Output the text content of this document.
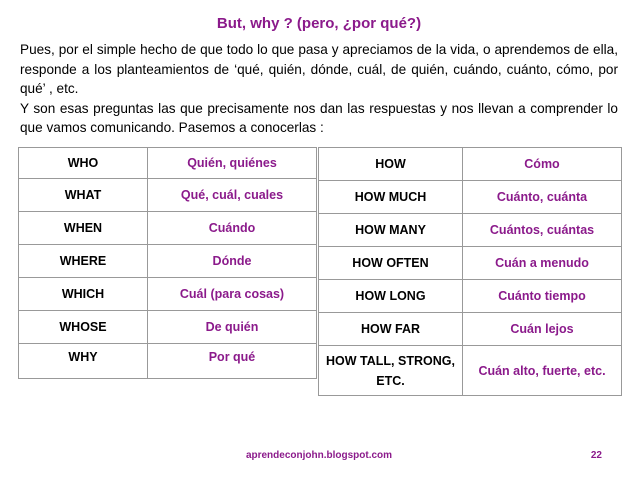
But, why ? (pero, ¿por qué?)

Pues, por el simple hecho de que todo lo que pasa y apreciamos de la vida, o aprendemos de ella, responde a los planteamientos de ‘qué, quién, dónde, cuál, de quién, cuándo, cuánto, cómo, por qué’ , etc.

Y son esas preguntas las que precisamente nos dan las respuestas y nos llevan a comprender lo que vamos comunicando. Pasemos a conocerlas :

WHO	Quién, quiénes
WHAT	Qué, cuál, cuales
WHEN	Cuándo
WHERE	Dónde
WHICH	Cuál (para cosas)
WHOSE	De quién
WHY	Por qué
HOW	Cómo
HOW MUCH	Cuánto, cuánta
HOW MANY	Cuántos, cuántas
HOW OFTEN	Cuán a menudo
HOW LONG	Cuánto tiempo
HOW FAR	Cuán lejos
HOW TALL, STRONG, ETC.	Cuán alto, fuerte, etc.
aprendeconjohn.blogspot.com	22
